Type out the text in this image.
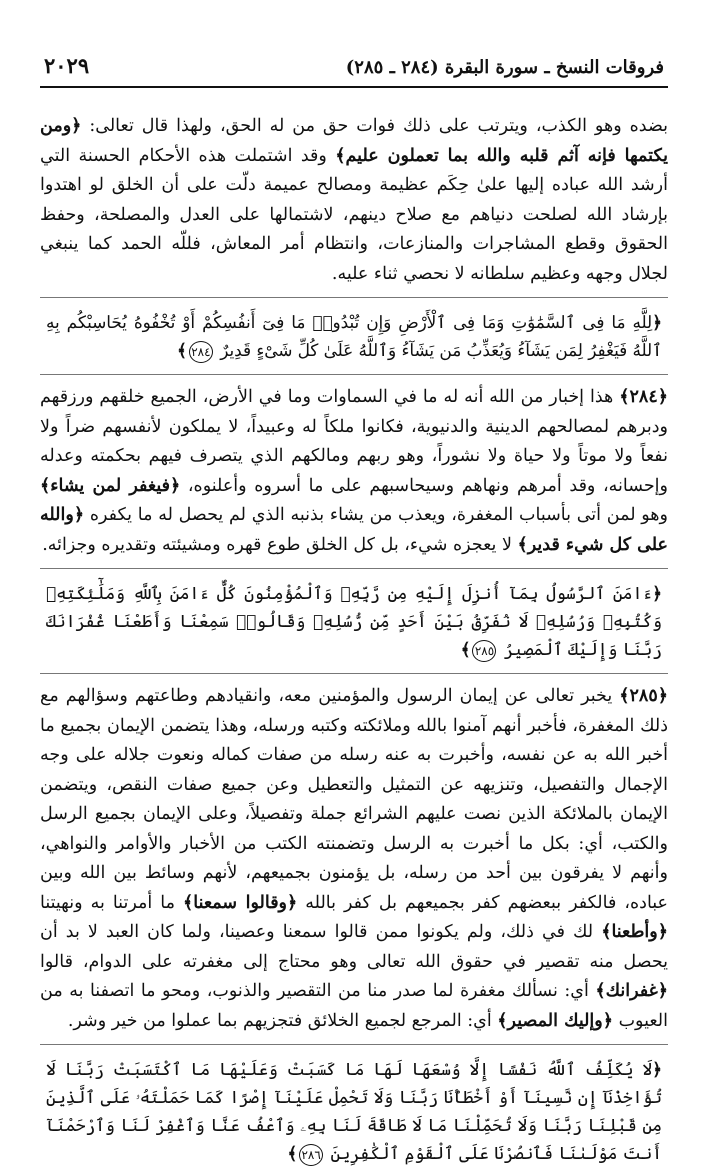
فروقات النسخ ـ سورة البقرة (٢٨٤ ـ ٢٨٥)
٢٠٢٩

بضده وهو الكذب، ويترتب على ذلك فوات حق من له الحق، ولهذا قال تعالى: ﴿ومن يكتمها فإنه آثم قلبه والله بما تعملون عليم﴾ وقد اشتملت هذه الأحكام الحسنة التي أرشد الله عباده إليها علىٰ حِكَم عظيمة ومصالح عميمة دلّت على أن الخلق لو اهتدوا بإرشاد الله لصلحت دنياهم مع صلاح دينهم، لاشتمالها على العدل والمصلحة، وحفظ الحقوق وقطع المشاجرات والمنازعات، وانتظام أمر المعاش، فللّه الحمد كما ينبغي لجلال وجهه وعظيم سلطانه لا نحصي ثناء عليه.

﴿لِلَّهِ مَا فِى ٱلسَّمَٰوَٰتِ وَمَا فِى ٱلْأَرْضِ وَإِن تُبْدُوا۟ مَا فِىٓ أَنفُسِكُمْ أَوْ تُخْفُوهُ يُحَاسِبْكُم بِهِ ٱللَّهُ فَيَغْفِرُ لِمَن يَشَآءُ وَيُعَذِّبُ مَن يَشَآءُ وَٱللَّهُ عَلَىٰ كُلِّ شَىْءٍ قَدِيرٌ ٢٨٤﴾

﴿٢٨٤﴾ هذا إخبار من الله أنه له ما في السماوات وما في الأرض، الجميع خلقهم ورزقهم ودبرهم لمصالحهم الدينية والدنيوية، فكانوا ملكاً له وعبيداً، لا يملكون لأنفسهم ضراً ولا نفعاً ولا موتاً ولا حياة ولا نشوراً، وهو ربهم ومالكهم الذي يتصرف فيهم بحكمته وعدله وإحسانه، وقد أمرهم ونهاهم وسيحاسبهم على ما أسروه وأعلنوه، ﴿فيغفر لمن يشاء﴾ وهو لمن أتى بأسباب المغفرة، ويعذب من يشاء بذنبه الذي لم يحصل له ما يكفره ﴿والله على كل شيء قدير﴾ لا يعجزه شيء، بل كل الخلق طوع قهره ومشيئته وتقديره وجزائه.

﴿ءَامَنَ ٱلرَّسُولُ بِمَآ أُنزِلَ إِلَيْهِ مِن رَّبِّهِۦ وَٱلْمُؤْمِنُونَ كُلٌّ ءَامَنَ بِٱللَّهِ وَمَلَٰٓئِكَتِهِۦ وَكُتُبِهِۦ وَرُسُلِهِۦ لَا نُفَرِّقُ بَيْنَ أَحَدٍ مِّن رُّسُلِهِۦ وَقَالُوا۟ سَمِعْنَا وَأَطَعْنَا غُفْرَانَكَ رَبَّنَا وَإِلَيْكَ ٱلْمَصِيرُ ٢٨٥﴾

﴿٢٨٥﴾ يخبر تعالى عن إيمان الرسول والمؤمنين معه، وانقيادهم وطاعتهم وسؤالهم مع ذلك المغفرة، فأخبر أنهم آمنوا بالله وملائكته وكتبه ورسله، وهذا يتضمن الإيمان بجميع ما أخبر الله به عن نفسه، وأخبرت به عنه رسله من صفات كماله ونعوت جلاله على وجه الإجمال والتفصيل، وتنزيهه عن التمثيل والتعطيل وعن جميع صفات النقص، ويتضمن الإيمان بالملائكة الذين نصت عليهم الشرائع جملة وتفصيلاً، وعلى الإيمان بجميع الرسل والكتب، أي: بكل ما أخبرت به الرسل وتضمنته الكتب من الأخبار والأوامر والنواهي، وأنهم لا يفرقون بين أحد من رسله، بل يؤمنون بجميعهم، لأنهم وسائط بين الله وبين عباده، فالكفر ببعضهم كفر بجميعهم بل كفر بالله ﴿وقالوا سمعنا﴾ ما أمرتنا به ونهيتنا ﴿وأطعنا﴾ لك في ذلك، ولم يكونوا ممن قالوا سمعنا وعصينا، ولما كان العبد لا بد أن يحصل منه تقصير في حقوق الله تعالى وهو محتاج إلى مغفرته على الدوام، قالوا ﴿غفرانك﴾ أي: نسألك مغفرة لما صدر منا من التقصير والذنوب، ومحو ما اتصفنا به من العيوب ﴿وإليك المصير﴾ أي: المرجع لجميع الخلائق فتجزيهم بما عملوا من خير وشر.

﴿لَا يُكَلِّفُ ٱللَّهُ نَفْسًا إِلَّا وُسْعَهَا لَهَا مَا كَسَبَتْ وَعَلَيْهَا مَا ٱكْتَسَبَتْ رَبَّنَا لَا تُؤَاخِذْنَآ إِن نَّسِينَآ أَوْ أَخْطَأْنَا رَبَّنَا وَلَا تَحْمِلْ عَلَيْنَآ إِصْرًا كَمَا حَمَلْتَهُۥ عَلَى ٱلَّذِينَ مِن قَبْلِنَا رَبَّنَا وَلَا تُحَمِّلْنَا مَا لَا طَاقَةَ لَنَا بِهِۦ وَٱعْفُ عَنَّا وَٱغْفِرْ لَنَا وَٱرْحَمْنَآ أَنتَ مَوْلَىٰنَا فَٱنصُرْنَا عَلَى ٱلْقَوْمِ ٱلْكَٰفِرِينَ ٢٨٦﴾
